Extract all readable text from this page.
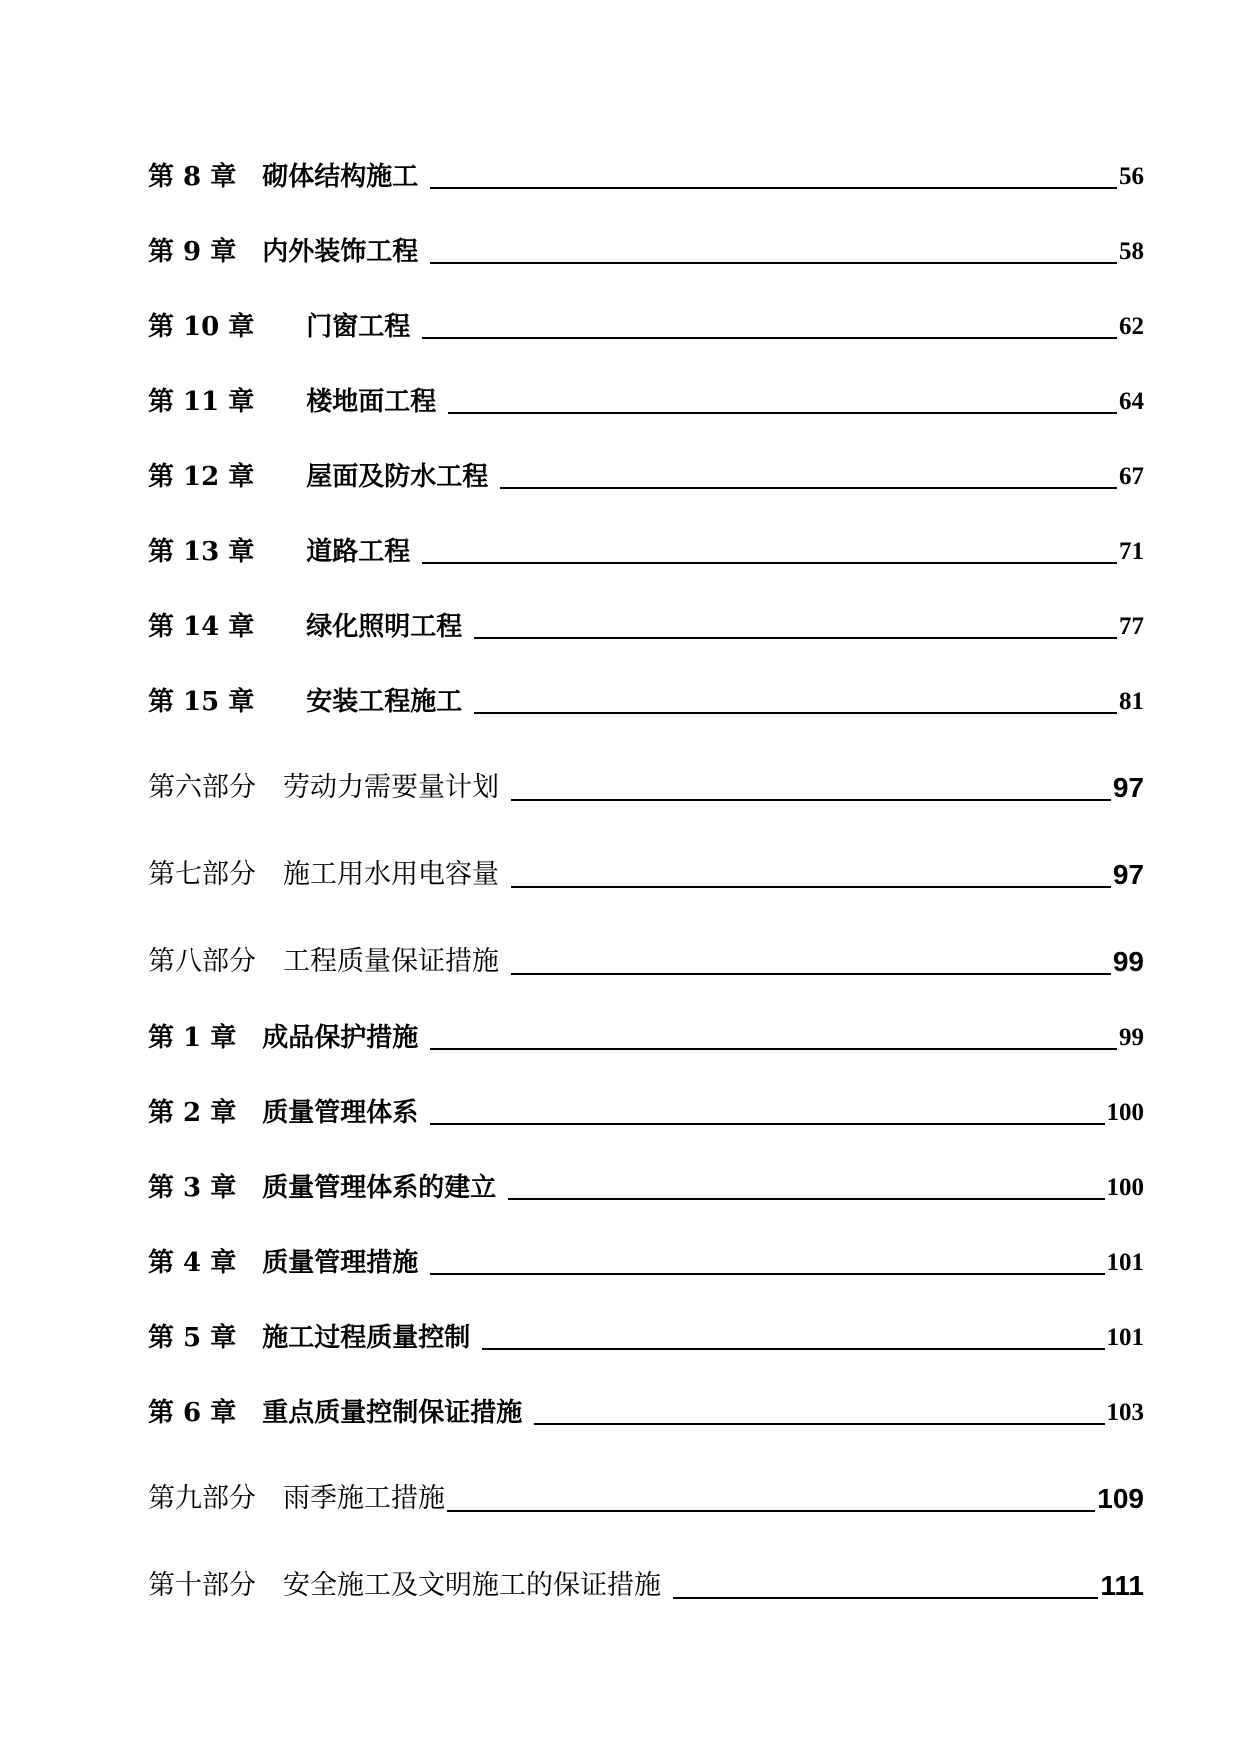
第 8 章　砌体结构施工	56
第 9 章　内外装饰工程	58
第 10 章　　门窗工程	62
第 11 章　　楼地面工程	64
第 12 章　　屋面及防水工程	67
第 13 章　　道路工程	71
第 14 章　　绿化照明工程	77
第 15 章　　安装工程施工	81
第六部分　劳动力需要量计划	97
第七部分　施工用水用电容量	97
第八部分　工程质量保证措施	99
第 1 章　成品保护措施	99
第 2 章　质量管理体系	100
第 3 章　质量管理体系的建立	100
第 4 章　质量管理措施	101
第 5 章　施工过程质量控制	101
第 6 章　重点质量控制保证措施	103
第九部分　雨季施工措施	109
第十部分　安全施工及文明施工的保证措施	111
